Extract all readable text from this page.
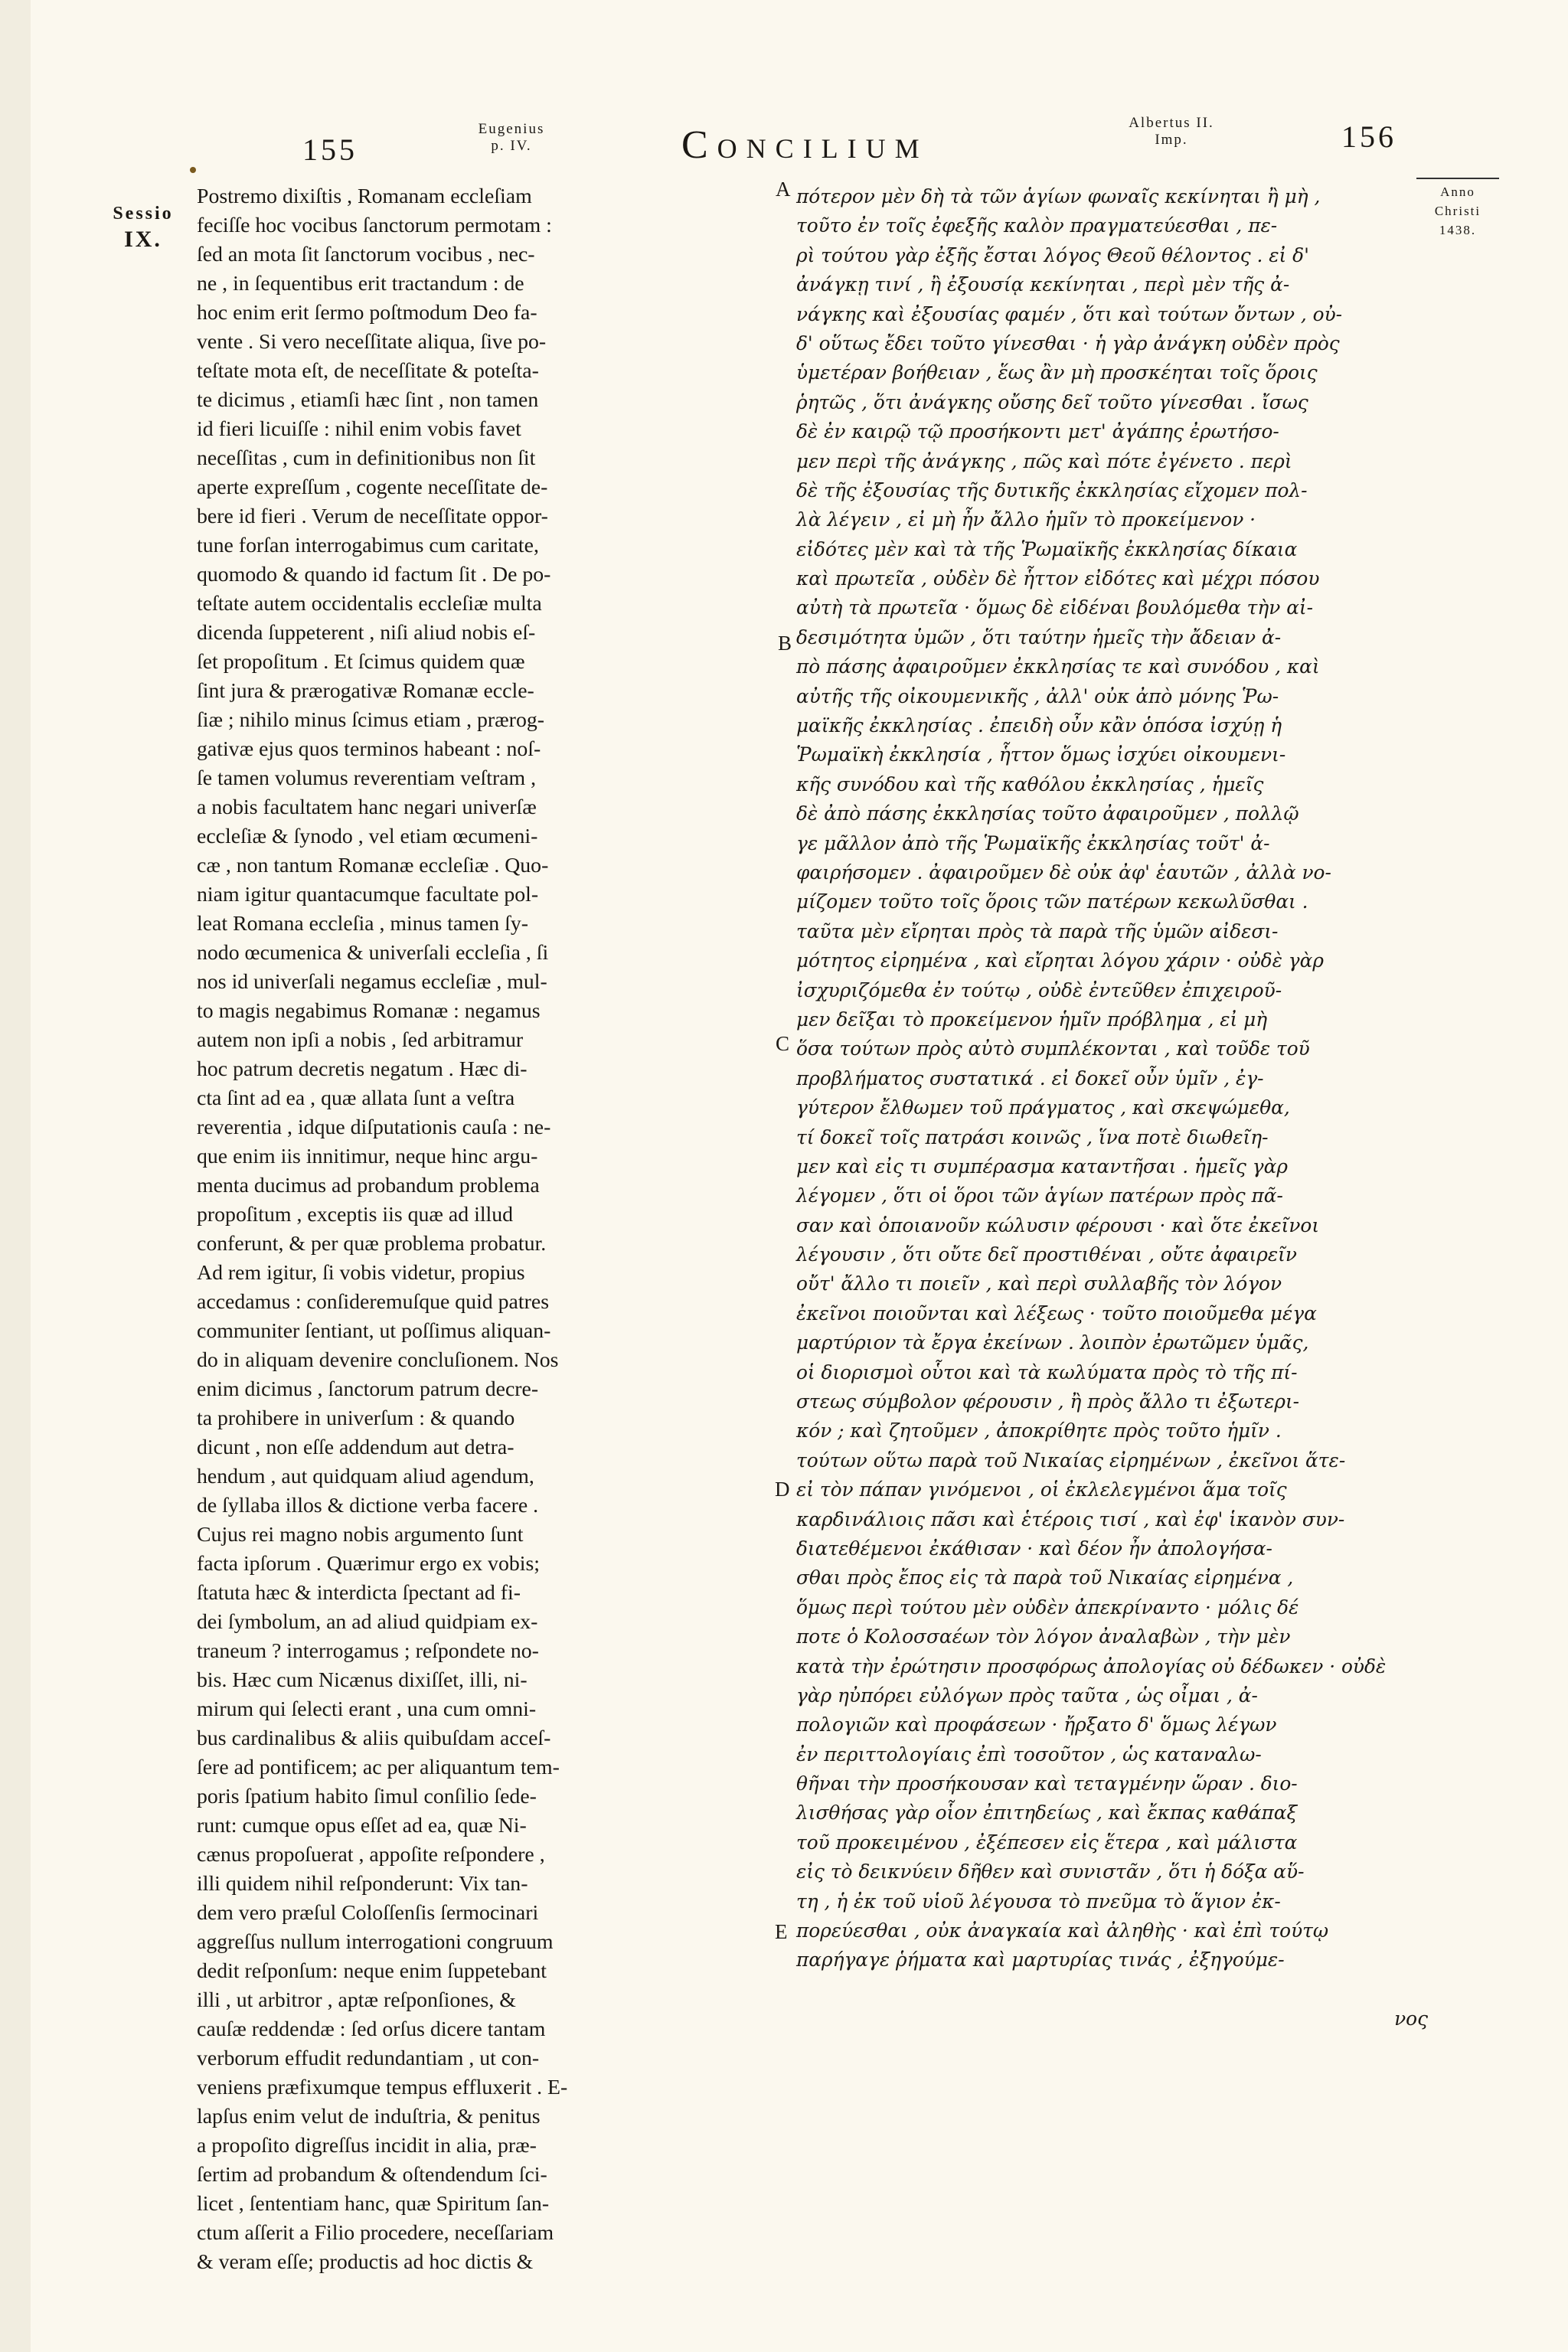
155
Eugenius
p. IV.	Concilium
Albertus II.
Imp.	156
Sessio
IX.
Anno
Christi
1438.
A
B
C
D
E
Postremo dixiſtis , Romanam eccleſiam
feciſſe hoc vocibus ſanctorum permotam :
ſed an mota ſit ſanctorum vocibus , nec-
ne , in ſequentibus erit tractandum : de
hoc enim erit ſermo poſtmodum Deo fa-
vente . Si vero neceſſitate aliqua, ſive po-
teſtate mota eſt, de neceſſitate & poteſta-
te dicimus , etiamſi hæc ſint , non tamen
id fieri licuiſſe : nihil enim vobis favet
neceſſitas , cum in definitionibus non ſit
aperte expreſſum , cogente neceſſitate de-
bere id fieri . Verum de neceſſitate oppor-
tune forſan interrogabimus cum caritate,
quomodo & quando id factum ſit . De po-
teſtate autem occidentalis eccleſiæ multa
dicenda ſuppeterent , niſi aliud nobis eſ-
ſet propoſitum . Et ſcimus quidem quæ
ſint jura & prærogativæ Romanæ eccle-
ſiæ ; nihilo minus ſcimus etiam , prærog-
gativæ ejus quos terminos habeant : noſ-
ſe tamen volumus reverentiam veſtram ,
a nobis facultatem hanc negari univerſæ
eccleſiæ & ſynodo , vel etiam œcumeni-
cæ , non tantum Romanæ eccleſiæ . Quo-
niam igitur quantacumque facultate pol-
leat Romana eccleſia , minus tamen ſy-
nodo œcumenica & univerſali eccleſia , ſi
nos id univerſali negamus eccleſiæ , mul-
to magis negabimus Romanæ : negamus
autem non ipſi a nobis , ſed arbitramur
hoc patrum decretis negatum . Hæc di-
cta ſint ad ea , quæ allata ſunt a veſtra
reverentia , idque diſputationis cauſa : ne-
que enim iis innitimur, neque hinc argu-
menta ducimus ad probandum problema
propoſitum , exceptis iis quæ ad illud
conferunt, & per quæ problema probatur.
Ad rem igitur, ſi vobis videtur, propius
accedamus : conſideremuſque quid patres
communiter ſentiant, ut poſſimus aliquan-
do in aliquam devenire concluſionem. Nos
enim dicimus , ſanctorum patrum decre-
ta prohibere in univerſum : & quando
dicunt , non eſſe addendum aut detra-
hendum , aut quidquam aliud agendum,
de ſyllaba illos & dictione verba facere .
Cujus rei magno nobis argumento ſunt
facta ipſorum . Quærimur ergo ex vobis;
ſtatuta hæc & interdicta ſpectant ad fi-
dei ſymbolum, an ad aliud quidpiam ex-
traneum ? interrogamus ; reſpondete no-
bis. Hæc cum Nicænus dixiſſet, illi, ni-
mirum qui ſelecti erant , una cum omni-
bus cardinalibus & aliis quibuſdam acceſ-
ſere ad pontificem; ac per aliquantum tem-
poris ſpatium habito ſimul conſilio ſede-
runt: cumque opus eſſet ad ea, quæ Ni-
cænus propoſuerat , appoſite reſpondere ,
illi quidem nihil reſponderunt: Vix tan-
dem vero præſul Coloſſenſis ſermocinari
aggreſſus nullum interrogationi congruum
dedit reſponſum: neque enim ſuppetebant
illi , ut arbitror , aptæ reſponſiones, &
cauſæ reddendæ : ſed orſus dicere tantam
verborum effudit redundantiam , ut con-
veniens præfixumque tempus effluxerit . E-
lapſus enim velut de induſtria, & penitus
a propoſito digreſſus incidit in alia, præ-
ſertim ad probandum & oſtendendum ſci-
licet , ſententiam hanc, quæ Spiritum ſan-
ctum aſſerit a Filio procedere, neceſſariam
& veram eſſe; productis ad hoc dictis &
πότερον μὲν δὴ τὰ τῶν ἁγίων φωναῖς κεκίνηται ἢ μὴ ,
τοῦτο ἐν τοῖς ἐφεξῆς καλὸν πραγματεύεσθαι , πε-
ρὶ τούτου γὰρ ἐξῆς ἔσται λόγος Θεοῦ θέλοντος . εἰ δ'
ἀνάγκῃ τινί , ἢ ἐξουσίᾳ κεκίνηται , περὶ μὲν τῆς ἀ-
νάγκης καὶ ἐξουσίας φαμέν , ὅτι καὶ τούτων ὄντων , οὐ-
δ' οὕτως ἔδει τοῦτο γίνεσθαι · ἡ γὰρ ἀνάγκη οὐδὲν πρὸς
ὑμετέραν βοήθειαν , ἕως ἂν μὴ προσκέηται τοῖς ὅροις
ῥητῶς , ὅτι ἀνάγκης οὔσης δεῖ τοῦτο γίνεσθαι . ἴσως
δὲ ἐν καιρῷ τῷ προσήκοντι μετ' ἀγάπης ἐρωτήσο-
μεν περὶ τῆς ἀνάγκης , πῶς καὶ πότε ἐγένετο . περὶ
δὲ τῆς ἐξουσίας τῆς δυτικῆς ἐκκλησίας εἴχομεν πολ-
λὰ λέγειν , εἰ μὴ ἦν ἄλλο ἡμῖν τὸ προκείμενον ·
εἰδότες μὲν καὶ τὰ τῆς Ῥωμαϊκῆς ἐκκλησίας δίκαια
καὶ πρωτεῖα , οὐδὲν δὲ ἧττον εἰδότες καὶ μέχρι πόσου
αὐτὴ τὰ πρωτεῖα · ὅμως δὲ εἰδέναι βουλόμεθα τὴν αἰ-
δεσιμότητα ὑμῶν , ὅτι ταύτην ἡμεῖς τὴν ἄδειαν ἀ-
πὸ πάσης ἀφαιροῦμεν ἐκκλησίας τε καὶ συνόδου , καὶ
αὐτῆς τῆς οἰκουμενικῆς , ἀλλ' οὐκ ἀπὸ μόνης Ῥω-
μαϊκῆς ἐκκλησίας . ἐπειδὴ οὖν κἂν ὁπόσα ἰσχύῃ ἡ
Ῥωμαϊκὴ ἐκκλησία , ἧττον ὅμως ἰσχύει οἰκουμενι-
κῆς συνόδου καὶ τῆς καθόλου ἐκκλησίας , ἡμεῖς
δὲ ἀπὸ πάσης ἐκκλησίας τοῦτο ἀφαιροῦμεν , πολλῷ
γε μᾶλλον ἀπὸ τῆς Ῥωμαϊκῆς ἐκκλησίας τοῦτ' ἀ-
φαιρήσομεν . ἀφαιροῦμεν δὲ οὐκ ἀφ' ἑαυτῶν , ἀλλὰ νο-
μίζομεν τοῦτο τοῖς ὅροις τῶν πατέρων κεκωλῦσθαι .
ταῦτα μὲν εἴρηται πρὸς τὰ παρὰ τῆς ὑμῶν αἰδεσι-
μότητος εἰρημένα , καὶ εἴρηται λόγου χάριν · οὐδὲ γὰρ
ἰσχυριζόμεθα ἐν τούτῳ , οὐδὲ ἐντεῦθεν ἐπιχειροῦ-
μεν δεῖξαι τὸ προκείμενον ἡμῖν πρόβλημα , εἰ μὴ
ὅσα τούτων πρὸς αὐτὸ συμπλέκονται , καὶ τοῦδε τοῦ
προβλήματος συστατικά . εἰ δοκεῖ οὖν ὑμῖν , ἐγ-
γύτερον ἔλθωμεν τοῦ πράγματος , καὶ σκεψώμεθα,
τί δοκεῖ τοῖς πατράσι κοινῶς , ἵνα ποτὲ διωθεῖη-
μεν καὶ εἰς τι συμπέρασμα καταντῆσαι . ἡμεῖς γὰρ
λέγομεν , ὅτι οἱ ὅροι τῶν ἁγίων πατέρων πρὸς πᾶ-
σαν καὶ ὁποιανοῦν κώλυσιν φέρουσι · καὶ ὅτε ἐκεῖνοι
λέγουσιν , ὅτι οὔτε δεῖ προστιθέναι , οὔτε ἀφαιρεῖν
οὔτ' ἄλλο τι ποιεῖν , καὶ περὶ συλλαβῆς τὸν λόγον
ἐκεῖνοι ποιοῦνται καὶ λέξεως · τοῦτο ποιοῦμεθα μέγα
μαρτύριον τὰ ἔργα ἐκείνων . λοιπὸν ἐρωτῶμεν ὑμᾶς,
οἱ διορισμοὶ οὗτοι καὶ τὰ κωλύματα πρὸς τὸ τῆς πί-
στεως σύμβολον φέρουσιν , ἢ πρὸς ἄλλο τι ἐξωτερι-
κόν ; καὶ ζητοῦμεν , ἀποκρίθητε πρὸς τοῦτο ἡμῖν .
τούτων οὕτω παρὰ τοῦ Νικαίας εἰρημένων , ἐκεῖνοι ἅτε-
εἰ τὸν πάπαν γινόμενοι , οἱ ἐκλελεγμένοι ἅμα τοῖς
καρδινάλιοις πᾶσι καὶ ἑτέροις τισί , καὶ ἐφ' ἱκανὸν συν-
διατεθέμενοι ἐκάθισαν · καὶ δέον ἦν ἀπολογήσα-
σθαι πρὸς ἔπος εἰς τὰ παρὰ τοῦ Νικαίας εἰρημένα ,
ὅμως περὶ τούτου μὲν οὐδὲν ἀπεκρίναντο · μόλις δέ
ποτε ὁ Κολοσσαέων τὸν λόγον ἀναλαβὼν , τὴν μὲν
κατὰ τὴν ἐρώτησιν προσφόρως ἀπολογίας οὐ δέδωκεν · οὐδὲ
γὰρ ηὐπόρει εὐλόγων πρὸς ταῦτα , ὡς οἶμαι , ἀ-
πολογιῶν καὶ προφάσεων · ἤρξατο δ' ὅμως λέγων
ἐν περιττολογίαις ἐπὶ τοσοῦτον , ὡς καταναλω-
θῆναι τὴν προσήκουσαν καὶ τεταγμένην ὥραν . διο-
λισθήσας γὰρ οἷον ἐπιτηδείως , καὶ ἔκπας καθάπαξ
τοῦ προκειμένου , ἐξέπεσεν εἰς ἕτερα , καὶ μάλιστα
εἰς τὸ δεικνύειν δῆθεν καὶ συνιστᾶν , ὅτι ἡ δόξα αὕ-
τη , ἡ ἐκ τοῦ υἱοῦ λέγουσα τὸ πνεῦμα τὸ ἅγιον ἐκ-
πορεύεσθαι , οὐκ ἀναγκαία καὶ ἀληθὴς · καὶ ἐπὶ τούτῳ
παρήγαγε ῥήματα καὶ μαρτυρίας τινάς , ἐξηγούμε-
νος
